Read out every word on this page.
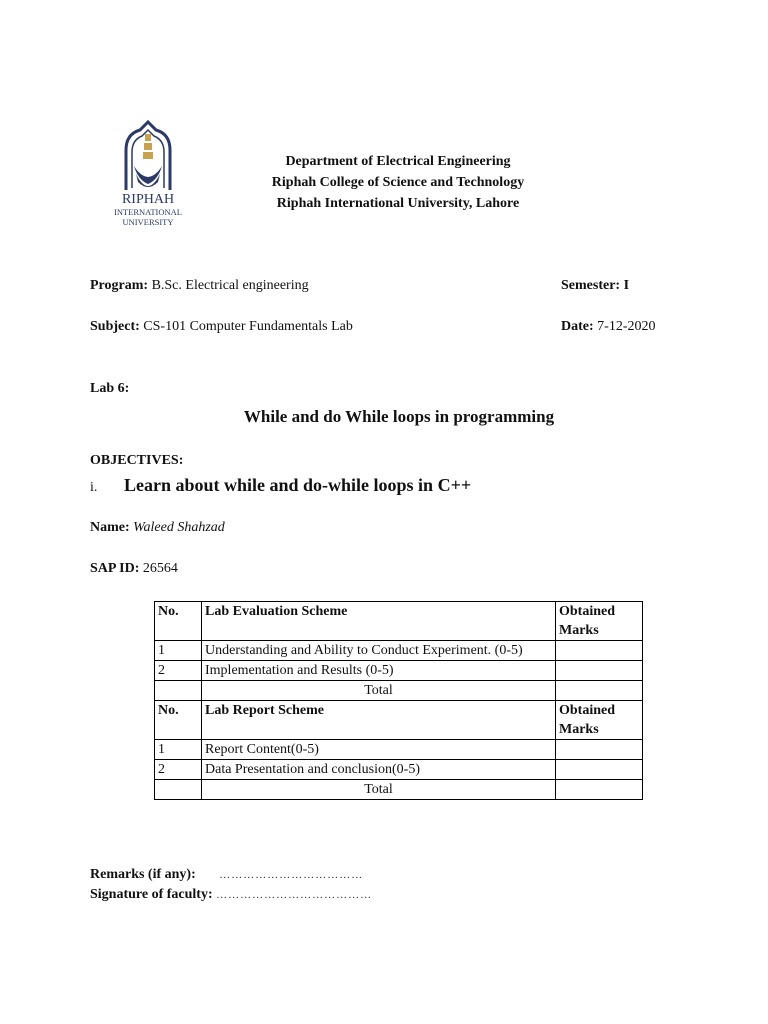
RIPHAH
INTERNATIONAL
UNIVERSITY
Department of Electrical Engineering
Riphah College of Science and Technology
Riphah International University, Lahore
Program: B.Sc. Electrical engineering	Semester: I
Subject: CS-101 Computer Fundamentals Lab	Date: 7-12-2020
Lab 6:
While and do While loops in programming
OBJECTIVES:
i. Learn about while and do-while loops in C++
Name: Waleed Shahzad
SAP ID: 26564
No.	Lab Evaluation Scheme	Obtained Marks
1	Understanding and Ability to Conduct Experiment. (0-5)	
2	Implementation and Results (0-5)	
	Total	
No.	Lab Report Scheme	Obtained Marks
1	Report Content(0-5)	
2	Data Presentation and conclusion(0-5)	
	Total	
Remarks (if any): ………………………………
Signature of faculty: …………………………………
